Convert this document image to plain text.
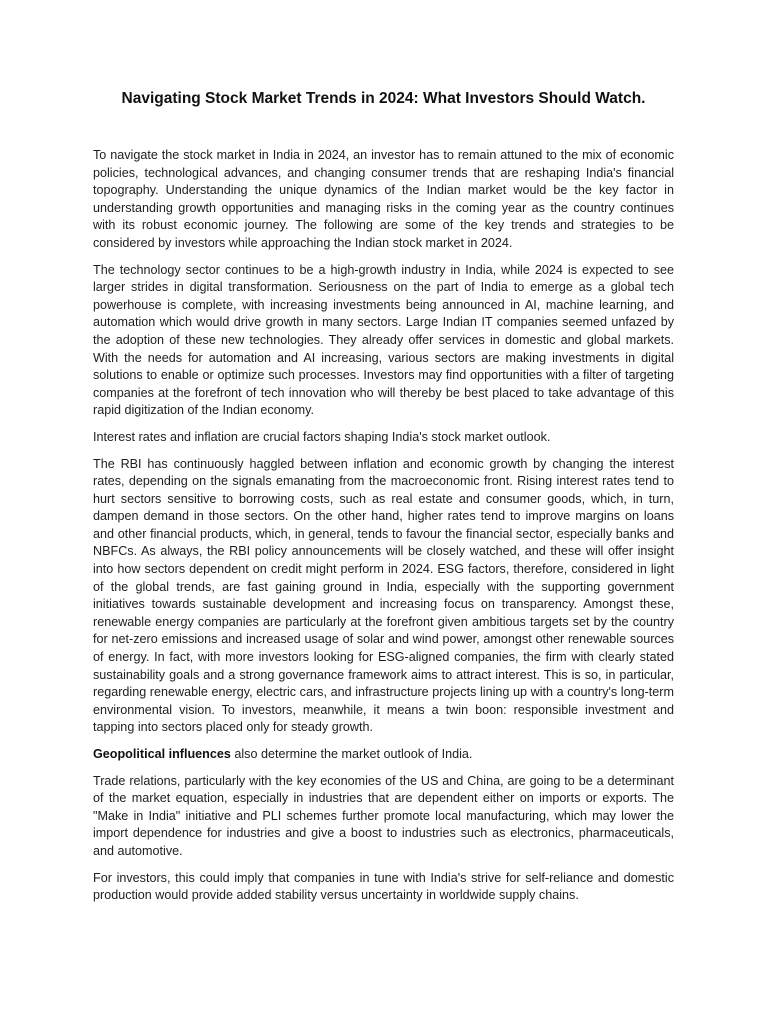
Navigating Stock Market Trends in 2024: What Investors Should Watch.

To navigate the stock market in India in 2024, an investor has to remain attuned to the mix of economic policies, technological advances, and changing consumer trends that are reshaping India's financial topography. Understanding the unique dynamics of the Indian market would be the key factor in understanding growth opportunities and managing risks in the coming year as the country continues with its robust economic journey. The following are some of the key trends and strategies to be considered by investors while approaching the Indian stock market in 2024.

The technology sector continues to be a high-growth industry in India, while 2024 is expected to see larger strides in digital transformation. Seriousness on the part of India to emerge as a global tech powerhouse is complete, with increasing investments being announced in AI, machine learning, and automation which would drive growth in many sectors. Large Indian IT companies seemed unfazed by the adoption of these new technologies. They already offer services in domestic and global markets. With the needs for automation and AI increasing, various sectors are making investments in digital solutions to enable or optimize such processes. Investors may find opportunities with a filter of targeting companies at the forefront of tech innovation who will thereby be best placed to take advantage of this rapid digitization of the Indian economy.

Interest rates and inflation are crucial factors shaping India's stock market outlook.

The RBI has continuously haggled between inflation and economic growth by changing the interest rates, depending on the signals emanating from the macroeconomic front. Rising interest rates tend to hurt sectors sensitive to borrowing costs, such as real estate and consumer goods, which, in turn, dampen demand in those sectors. On the other hand, higher rates tend to improve margins on loans and other financial products, which, in general, tends to favour the financial sector, especially banks and NBFCs. As always, the RBI policy announcements will be closely watched, and these will offer insight into how sectors dependent on credit might perform in 2024. ESG factors, therefore, considered in light of the global trends, are fast gaining ground in India, especially with the supporting government initiatives towards sustainable development and increasing focus on transparency. Amongst these, renewable energy companies are particularly at the forefront given ambitious targets set by the country for net-zero emissions and increased usage of solar and wind power, amongst other renewable sources of energy. In fact, with more investors looking for ESG-aligned companies, the firm with clearly stated sustainability goals and a strong governance framework aims to attract interest. This is so, in particular, regarding renewable energy, electric cars, and infrastructure projects lining up with a country's long-term environmental vision. To investors, meanwhile, it means a twin boon: responsible investment and tapping into sectors placed only for steady growth.

Geopolitical influences also determine the market outlook of India.

Trade relations, particularly with the key economies of the US and China, are going to be a determinant of the market equation, especially in industries that are dependent either on imports or exports. The "Make in India" initiative and PLI schemes further promote local manufacturing, which may lower the import dependence for industries and give a boost to industries such as electronics, pharmaceuticals, and automotive.

For investors, this could imply that companies in tune with India's strive for self-reliance and domestic production would provide added stability versus uncertainty in worldwide supply chains.
